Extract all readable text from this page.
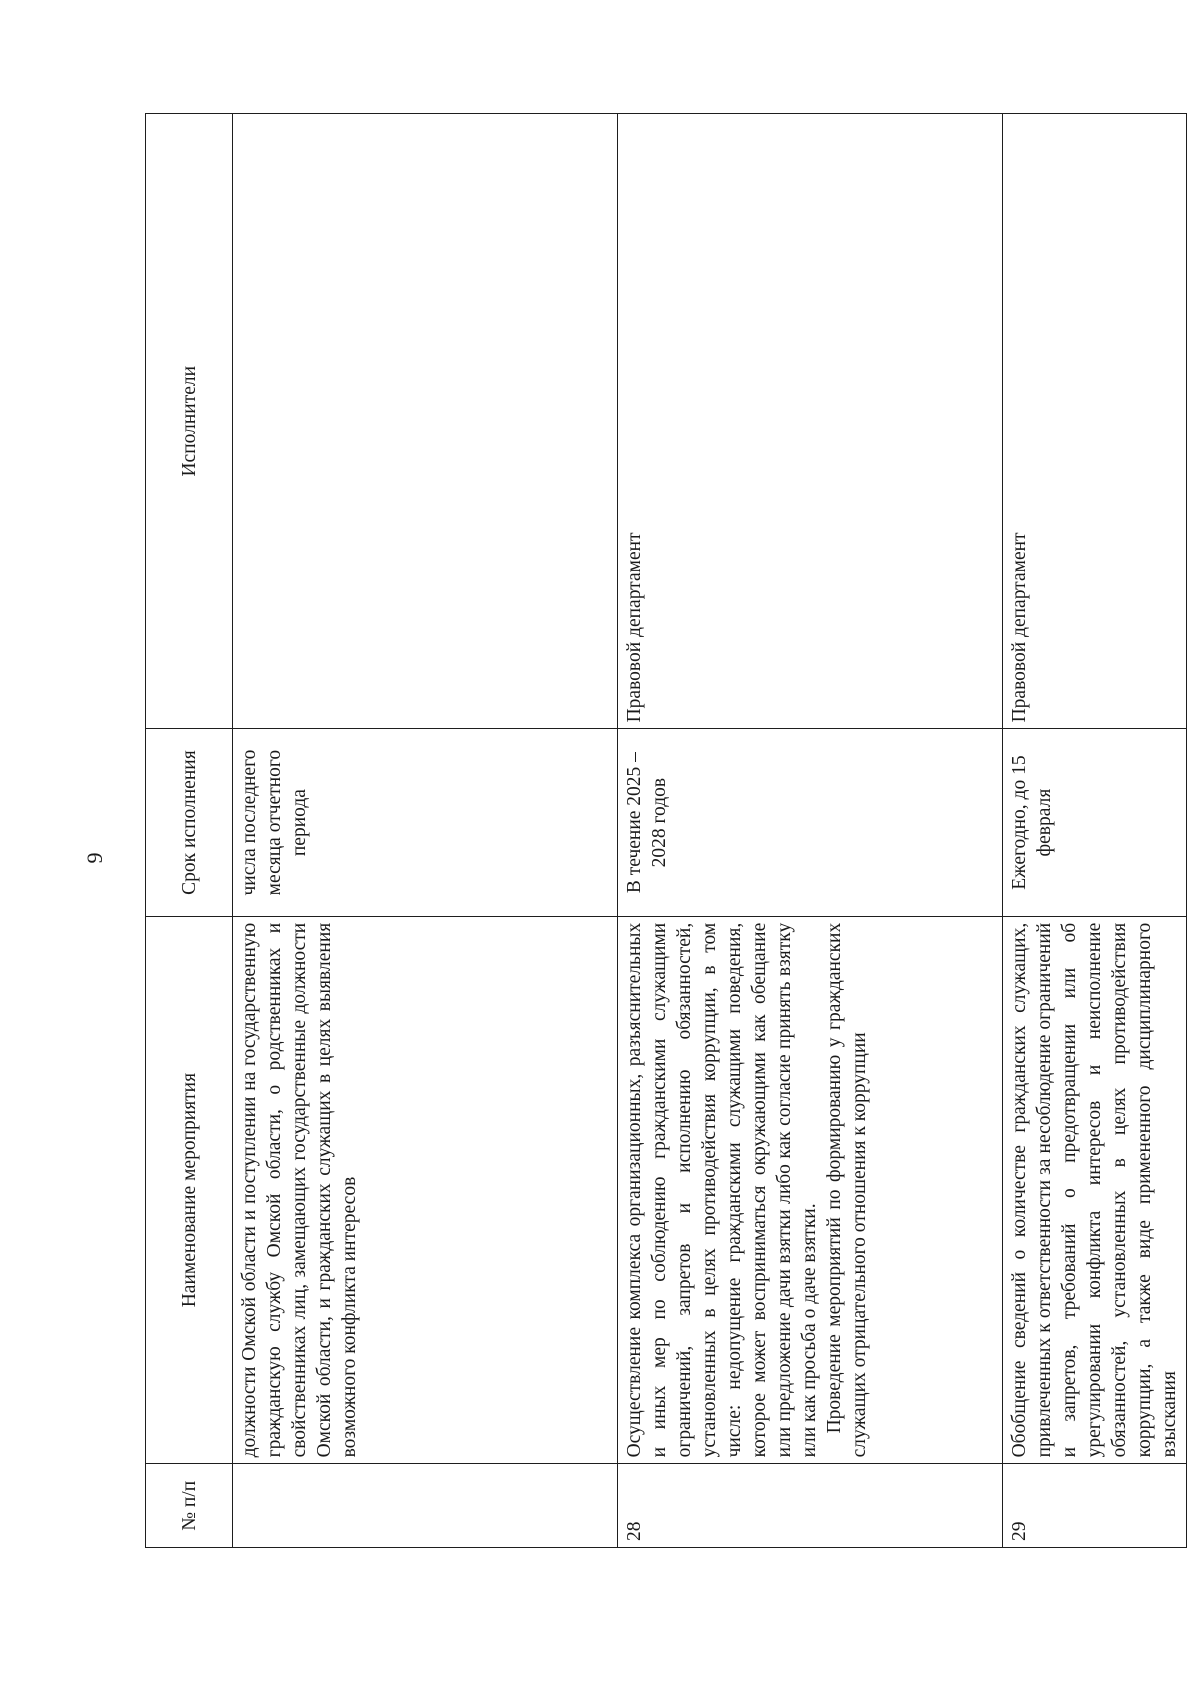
9
№ п/п	Наименование мероприятия	Срок исполнения	Исполнители

	должности Омской области и поступлении на государственную гражданскую службу Омской области, о родственниках и свойственниках лиц, замещающих государственные должности Омской области, и гражданских служащих в целях выявления возможного конфликта интересов	числа последнего месяца отчетного периода	
28	Осуществление комплекса организационных, разъяснительных и иных мер по соблюдению гражданскими служащими ограничений, запретов и исполнению обязанностей, установленных в целях противодействия коррупции, в том числе: недопущение гражданскими служащими поведения, которое может восприниматься окружающими как обещание или предложение дачи взятки либо как согласие принять взятку или как просьба о даче взятки. Проведение мероприятий по формированию у гражданских служащих отрицательного отношения к коррупции	В течение 2025 – 2028 годов	Правовой департамент
29	Обобщение сведений о количестве гражданских служащих, привлеченных к ответственности за несоблюдение ограничений и запретов, требований о предотвращении или об урегулировании конфликта интересов и неисполнение обязанностей, установленных в целях противодействия коррупции, а также виде примененного дисциплинарного взыскания	Ежегодно, до 15 февраля	Правовой департамент
